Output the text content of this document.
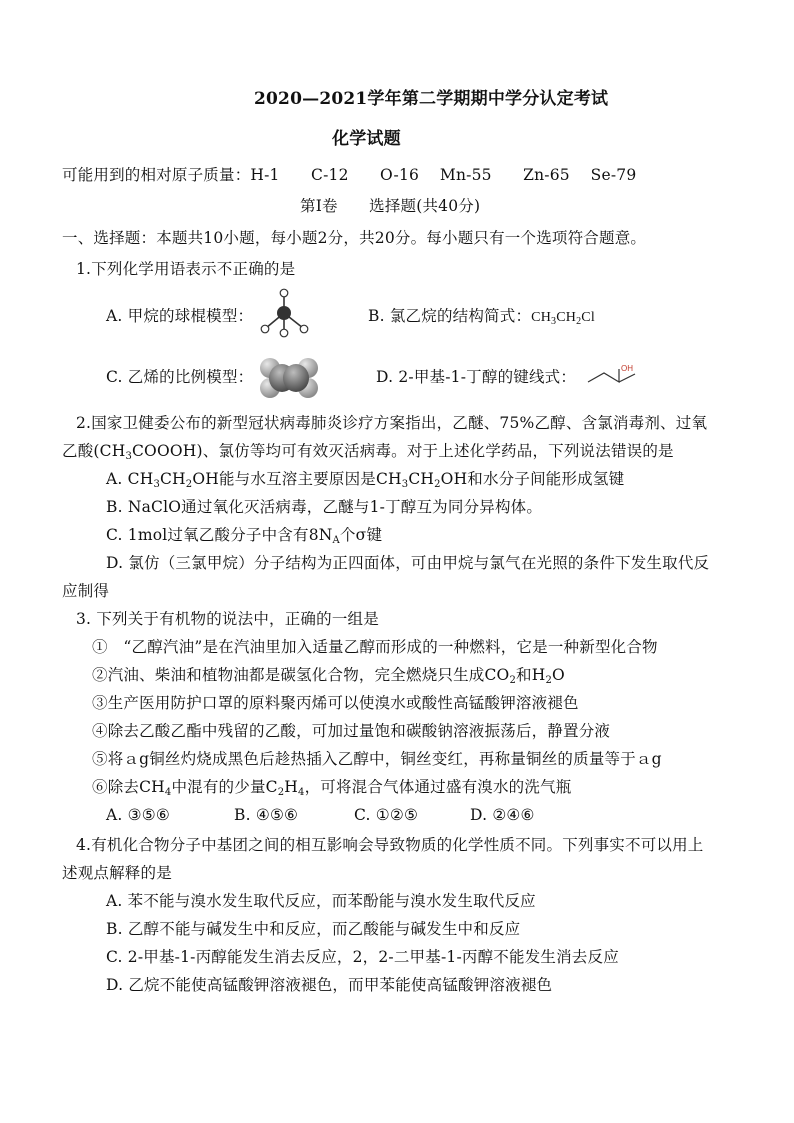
2020—2021学年第二学期期中学分认定考试
化学试题
可能用到的相对原子质量：H-1　　C-12　　O-16　 Mn-55　　Zn-65　 Se-79
第Ⅰ卷　　选择题(共40分)
一、选择题：本题共10小题，每小题2分，共20分。每小题只有一个选项符合题意。
1.下列化学用语表示不正确的是
A. 甲烷的球棍模型：	B. 氯乙烷的结构简式：$CH_3CH_2Cl$
C. 乙烯的比例模型：	D. 2-甲基-1-丁醇的键线式：	OH
2.国家卫健委公布的新型冠状病毒肺炎诊疗方案指出，乙醚、75%乙醇、含氯消毒剂、过氧
乙酸$(CH_3COOOH)$、氯仿等均可有效灭活病毒。对于上述化学药品，下列说法错误的是
A. $CH_3CH_2OH$能与水互溶主要原因是$CH_3CH_2OH$和水分子间能形成氢键
B. NaClO通过氧化灭活病毒，乙醚与1-丁醇互为同分异构体。
C. 1mol过氧乙酸分子中含有$8N_A$个σ键
D. 氯仿（三氯甲烷）分子结构为正四面体，可由甲烷与氯气在光照的条件下发生取代反
应制得
3. 下列关于有机物的说法中，正确的一组是
①　“乙醇汽油”是在汽油里加入适量乙醇而形成的一种燃料，它是一种新型化合物
②汽油、柴油和植物油都是碳氢化合物，完全燃烧只生成$CO_2$和$H_2O$
③生产医用防护口罩的原料聚丙烯可以使溴水或酸性高锰酸钾溶液褪色
④除去乙酸乙酯中残留的乙酸，可加过量饱和碳酸钠溶液振荡后，静置分液
⑤将ａg铜丝灼烧成黑色后趁热插入乙醇中，铜丝变红，再称量铜丝的质量等于ａg
⑥除去$CH_4$中混有的少量$C_2H_4$，可将混合气体通过盛有溴水的洗气瓶
A. ③⑤⑥	B. ④⑤⑥	C. ①②⑤	D. ②④⑥
4.有机化合物分子中基团之间的相互影响会导致物质的化学性质不同。下列事实不可以用上
述观点解释的是
A. 苯不能与溴水发生取代反应，而苯酚能与溴水发生取代反应
B. 乙醇不能与碱发生中和反应，而乙酸能与碱发生中和反应
C. 2-甲基-1-丙醇能发生消去反应，2，2-二甲基-1-丙醇不能发生消去反应
D. 乙烷不能使高锰酸钾溶液褪色，而甲苯能使高锰酸钾溶液褪色
